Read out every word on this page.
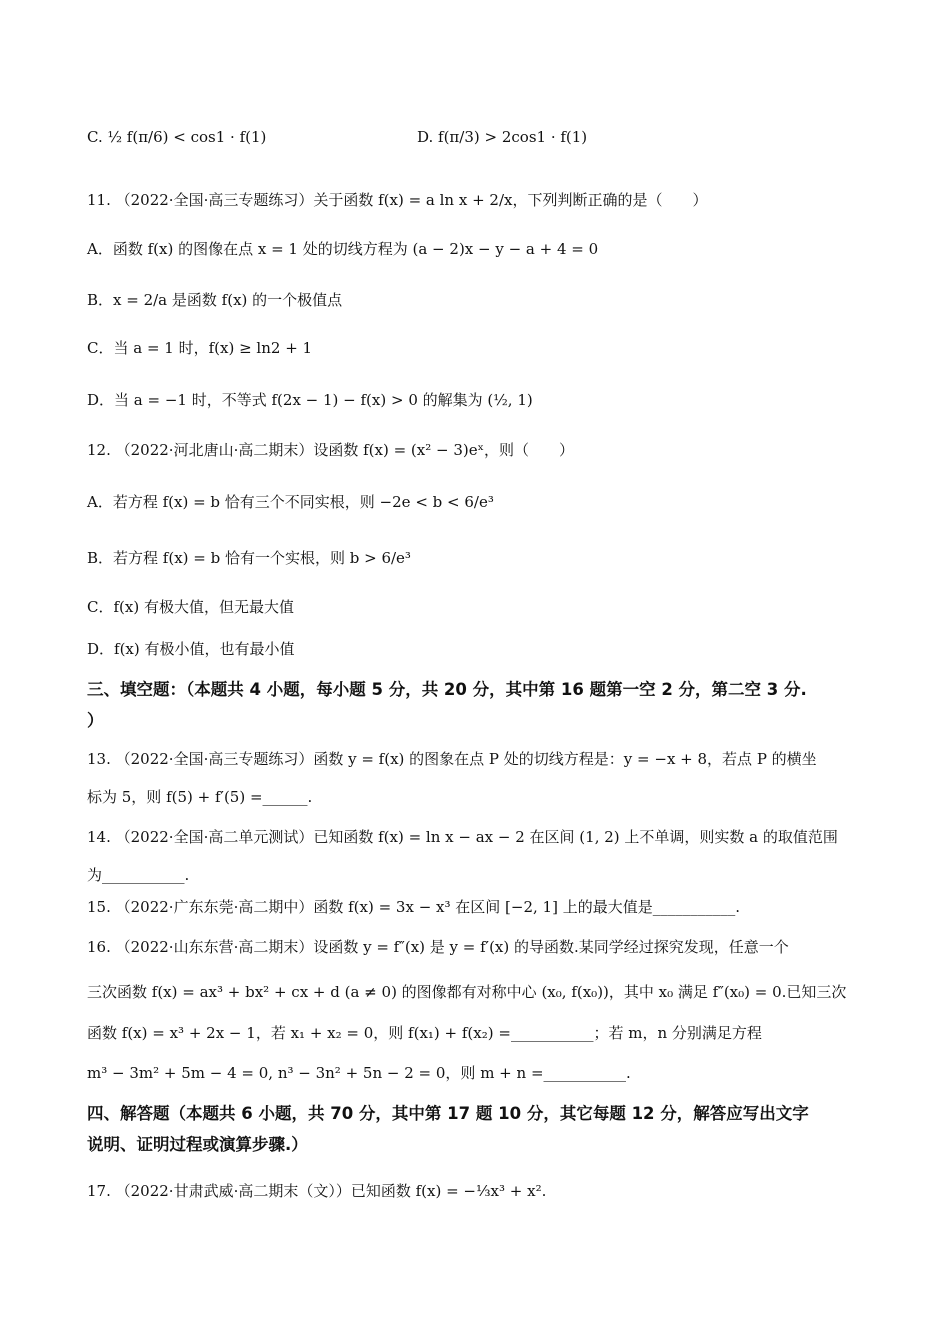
C. ½ f(π/6) < cos1 · f(1)	D. f(π/3) > 2cos1 · f(1)
11. （2022·全国·高三专题练习）关于函数 f(x) = a ln x + 2/x，下列判断正确的是（　　）
A．函数 f(x) 的图像在点 x = 1 处的切线方程为 (a − 2)x − y − a + 4 = 0
B．x = 2/a 是函数 f(x) 的一个极值点
C．当 a = 1 时，f(x) ≥ ln2 + 1
D．当 a = −1 时，不等式 f(2x − 1) − f(x) > 0 的解集为 (½, 1)
12. （2022·河北唐山·高二期末）设函数 f(x) = (x² − 3)eˣ，则（　　）
A．若方程 f(x) = b 恰有三个不同实根，则 −2e < b < 6/e³
B．若方程 f(x) = b 恰有一个实根，则 b > 6/e³
C．f(x) 有极大值，但无最大值
D．f(x) 有极小值，也有最小值
三、填空题：（本题共 4 小题，每小题 5 分，共 20 分，其中第 16 题第一空 2 分，第二空 3 分.
）
13. （2022·全国·高三专题练习）函数 y = f(x) 的图象在点 P 处的切线方程是：y = −x + 8，若点 P 的横坐
标为 5，则 f(5) + f′(5) =______.
14. （2022·全国·高二单元测试）已知函数 f(x) = ln x − ax − 2 在区间 (1, 2) 上不单调，则实数 a 的取值范围
为___________.
15. （2022·广东东莞·高二期中）函数 f(x) = 3x − x³ 在区间 [−2, 1] 上的最大值是___________.
16. （2022·山东东营·高二期末）设函数 y = f″(x) 是 y = f′(x) 的导函数.某同学经过探究发现，任意一个
三次函数 f(x) = ax³ + bx² + cx + d (a ≠ 0) 的图像都有对称中心 (x₀, f(x₀))，其中 x₀ 满足 f″(x₀) = 0.已知三次
函数 f(x) = x³ + 2x − 1，若 x₁ + x₂ = 0，则 f(x₁) + f(x₂) =___________；若 m，n 分别满足方程
m³ − 3m² + 5m − 4 = 0, n³ − 3n² + 5n − 2 = 0，则 m + n =___________.
四、解答题（本题共 6 小题，共 70 分，其中第 17 题 10 分，其它每题 12 分，解答应写出文字
说明、证明过程或演算步骤.）
17. （2022·甘肃武威·高二期末（文））已知函数 f(x) = −⅓x³ + x².
